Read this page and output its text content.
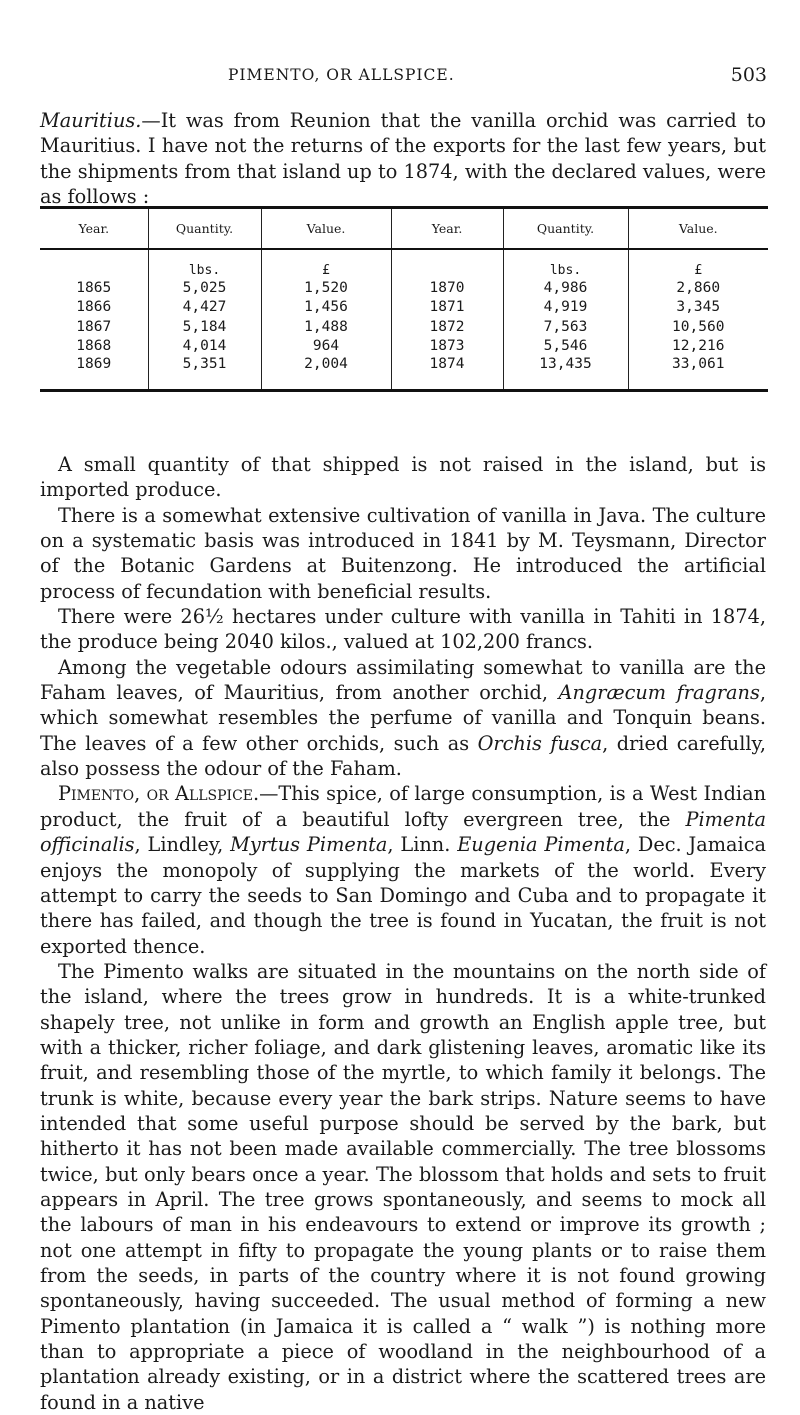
PIMENTO, OR ALLSPICE.	503

Mauritius.—It was from Reunion that the vanilla orchid was carried to Mauritius. I have not the returns of the exports for the last few years, but the shipments from that island up to 1874, with the declared values, were as follows :

Year.	Quantity.	Value.	Year.	Quantity.	Value.
	lbs.	£		lbs.	£
1865	5,025	1,520	1870	4,986	2,860
1866	4,427	1,456	1871	4,919	3,345
1867	5,184	1,488	1872	7,563	10,560
1868	4,014	964	1873	5,546	12,216
1869	5,351	2,004	1874	13,435	33,061

A small quantity of that shipped is not raised in the island, but is imported produce.

There is a somewhat extensive cultivation of vanilla in Java. The culture on a systematic basis was introduced in 1841 by M. Teysmann, Director of the Botanic Gardens at Buitenzong. He introduced the artificial process of fecundation with beneficial results.

There were 26½ hectares under culture with vanilla in Tahiti in 1874, the produce being 2040 kilos., valued at 102,200 francs.

Among the vegetable odours assimilating somewhat to vanilla are the Faham leaves, of Mauritius, from another orchid, Angræcum fragrans, which somewhat resembles the perfume of vanilla and Tonquin beans. The leaves of a few other orchids, such as Orchis fusca, dried carefully, also possess the odour of the Faham.

Pimento, or Allspice.—This spice, of large consumption, is a West Indian product, the fruit of a beautiful lofty evergreen tree, the Pimenta officinalis, Lindley, Myrtus Pimenta, Linn. Eugenia Pimenta, Dec. Jamaica enjoys the monopoly of supplying the markets of the world. Every attempt to carry the seeds to San Domingo and Cuba and to propagate it there has failed, and though the tree is found in Yucatan, the fruit is not exported thence.

The Pimento walks are situated in the mountains on the north side of the island, where the trees grow in hundreds. It is a white-trunked shapely tree, not unlike in form and growth an English apple tree, but with a thicker, richer foliage, and dark glistening leaves, aromatic like its fruit, and resembling those of the myrtle, to which family it belongs. The trunk is white, because every year the bark strips. Nature seems to have intended that some useful purpose should be served by the bark, but hitherto it has not been made available commercially. The tree blossoms twice, but only bears once a year. The blossom that holds and sets to fruit appears in April. The tree grows spontaneously, and seems to mock all the labours of man in his endeavours to extend or improve its growth ; not one attempt in fifty to propagate the young plants or to raise them from the seeds, in parts of the country where it is not found growing spontaneously, having succeeded. The usual method of forming a new Pimento plantation (in Jamaica it is called a “ walk ”) is nothing more than to appropriate a piece of woodland in the neighbourhood of a plantation already existing, or in a district where the scattered trees are found in a native
